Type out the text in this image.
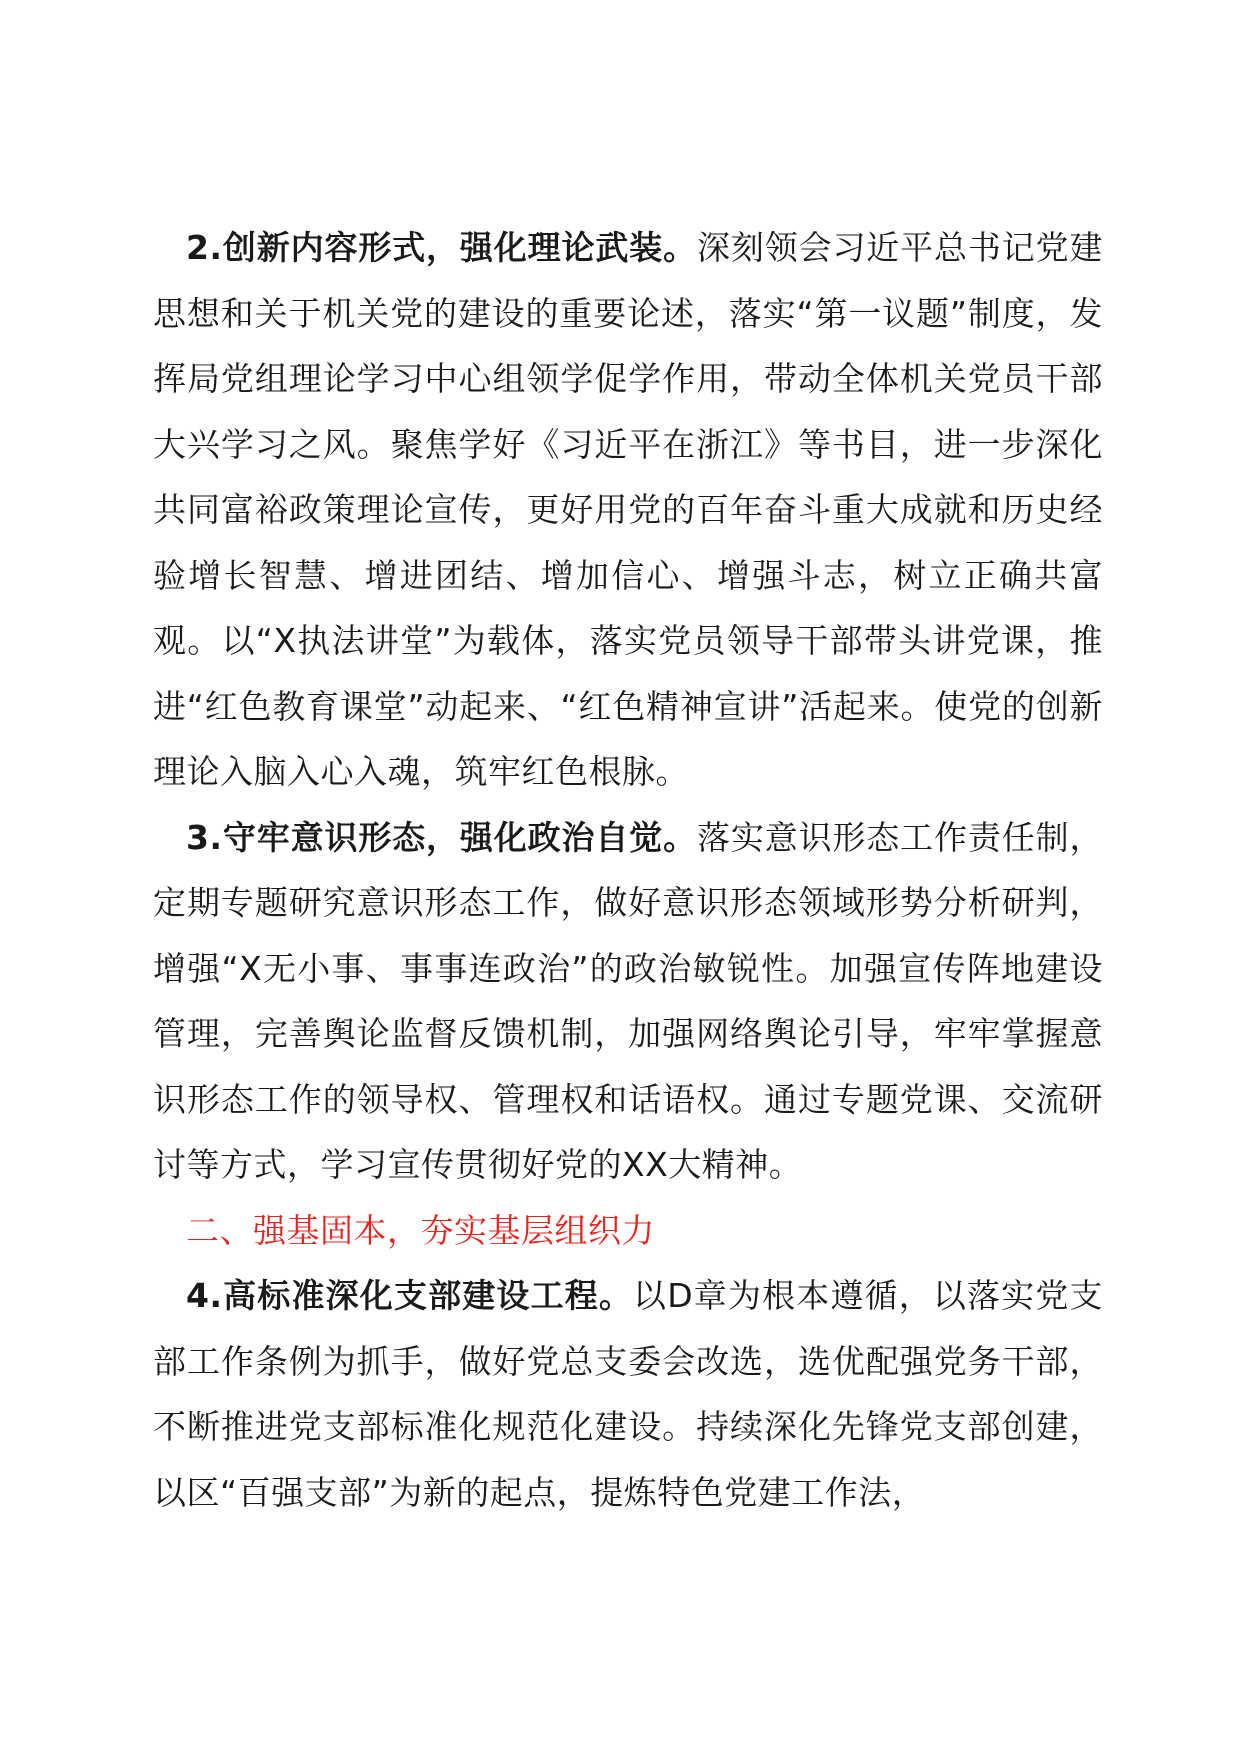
2.创新内容形式，强化理论武装。深刻领会习近平总书记党建思想和关于机关党的建设的重要论述，落实“第一议题”制度，发挥局党组理论学习中心组领学促学作用，带动全体机关党员干部大兴学习之风。聚焦学好《习近平在浙江》等书目，进一步深化共同富裕政策理论宣传，更好用党的百年奋斗重大成就和历史经验增长智慧、增进团结、增加信心、增强斗志，树立正确共富观。以“X执法讲堂”为载体，落实党员领导干部带头讲党课，推进“红色教育课堂”动起来、“红色精神宣讲”活起来。使党的创新理论入脑入心入魂，筑牢红色根脉。

3.守牢意识形态，强化政治自觉。落实意识形态工作责任制，定期专题研究意识形态工作，做好意识形态领域形势分析研判，增强“X无小事、事事连政治”的政治敏锐性。加强宣传阵地建设管理，完善舆论监督反馈机制，加强网络舆论引导，牢牢掌握意识形态工作的领导权、管理权和话语权。通过专题党课、交流研讨等方式，学习宣传贯彻好党的XX大精神。

二、强基固本，夯实基层组织力

4.高标准深化支部建设工程。以D章为根本遵循，以落实党支部工作条例为抓手，做好党总支委会改选，选优配强党务干部，不断推进党支部标准化规范化建设。持续深化先锋党支部创建，以区“百强支部”为新的起点，提炼特色党建工作法，
